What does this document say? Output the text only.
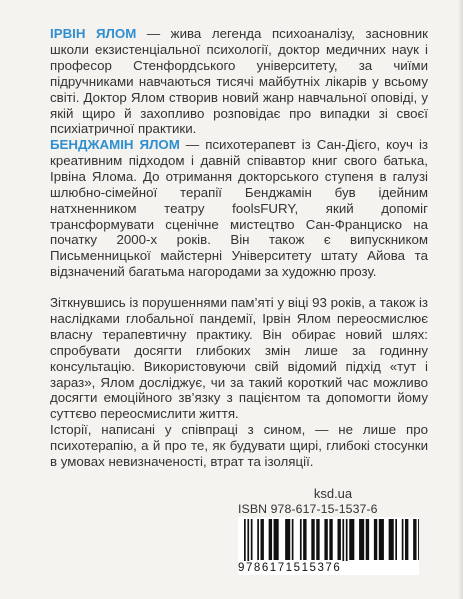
ІРВІН ЯЛОМ — жива легенда психоаналізу, засновник школи екзистенціальної психології, доктор медичних наук і професор Стенфордського університету, за чиїми підручниками навчаються тисячі майбутніх лікарів у всьому світі. Доктор Ялом створив новий жанр навчальної оповіді, у якій щиро й захопливо розповідає про випадки зі своєї психіатричної практики.

БЕНДЖАМІН ЯЛОМ — психотерапевт із Сан-Дієго, коуч із креативним підходом і давній співавтор книг свого батька, Ірвіна Ялома. До отримання докторського ступеня в галузі шлюбно-сімейної терапії Бенджамін був ідейним натхненником театру foolsFURY, який допоміг трансформувати сценічне мистецтво Сан-Франциско на початку 2000-х років. Він також є випускником Письменницької майстерні Університету штату Айова та відзначений багатьма нагородами за художню прозу.

Зіткнувшись із порушеннями пам’яті у віці 93 років, а також із наслідками глобальної пандемії, Ірвін Ялом переосмислює власну терапевтичну практику. Він обирає новий шлях: спробувати досягти глибоких змін лише за годинну консультацію. Використовуючи свій відомий підхід «тут і зараз», Ялом досліджує, чи за такий короткий час можливо досягти емоційного зв’язку з пацієнтом та допомогти йому суттєво переосмислити життя.
Історії, написані у співпраці з сином, — не лише про психотерапію, а й про те, як будувати щирі, глибокі стосунки в умовах невизначеності, втрат та ізоляції.
ksd.ua
ISBN 978-617-15-1537-6
9786171515376
